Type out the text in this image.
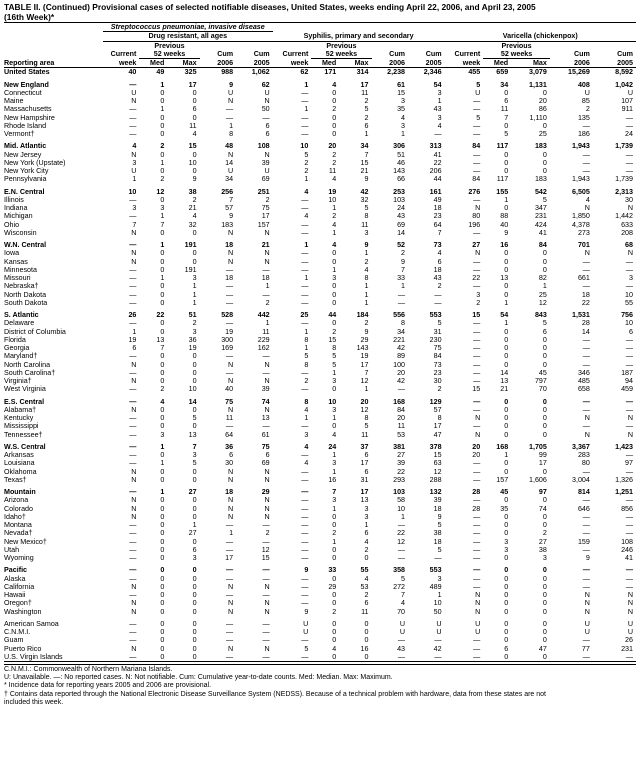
TABLE II. (Continued) Provisional cases of selected notifiable diseases, United States, weeks ending April 22, 2006, and April 23, 2005
(16th Week)*
	Streptococcus pneumoniae, invasive disease														
	Drug resistant, all ages					Syphilis, primary and secondary					Varicella (chickenpox)				
		Previous					Previous					Previous			
	Current	52 weeks		Cum	Cum	Current	52 weeks		Cum	Cum	Current	52 weeks		Cum	Cum
Reporting area	week	Med	Max	2006	2005	week	Med	Max	2006	2005	week	Med	Max	2006	2005
United States	40	49	325	988	1,062	62	171	314	2,238	2,346	455	659	3,079	15,269	8,592

New England	—	1	17	9	62	1	4	17	61	54	5	34	1,131	408	1,042
Connecticut	U	0	0	U	U	—	0	11	15	3	U	0	0	U	U
Maine	N	0	0	N	N	—	0	2	3	1	—	6	20	85	107
Massachusetts	—	1	6	—	50	1	2	5	35	43	—	11	86	2	911
New Hampshire	—	0	0	—	—	—	0	2	4	3	5	7	1,110	135	—
Rhode Island	—	0	11	1	6	—	0	6	3	4	—	0	0	—	—
Vermont†	—	0	4	8	6	—	0	1	1	—	—	5	25	186	24

Mid. Atlantic	4	2	15	48	108	10	20	34	306	313	84	117	183	1,943	1,739
New Jersey	N	0	0	N	N	5	2	7	51	41	—	0	0	—	—
New York (Upstate)	3	1	10	14	39	2	2	15	46	22	—	0	0	—	—
New York City	U	0	0	U	U	2	11	21	143	206	—	0	0	—	—
Pennsylvania	1	2	9	34	69	1	4	9	66	44	84	117	183	1,943	1,739

E.N. Central	10	12	38	256	251	4	19	42	253	161	276	155	542	6,505	2,313
Illinois	—	0	2	7	2	—	10	32	103	49	—	1	5	4	30
Indiana	3	3	21	57	75	—	1	5	24	18	N	0	347	N	N
Michigan	—	1	4	9	17	4	2	8	43	23	80	88	231	1,850	1,442
Ohio	7	7	32	183	157	—	4	11	69	64	196	40	424	4,378	633
Wisconsin	N	0	0	N	N	—	1	3	14	7	—	9	41	273	208

W.N. Central	—	1	191	18	21	1	4	9	52	73	27	16	84	701	68
Iowa	N	0	0	N	N	—	0	1	2	4	N	0	0	N	N
Kansas	N	0	0	N	N	—	0	2	9	6	—	0	0	—	—
Minnesota	—	0	191	—	—	—	1	4	7	18	—	0	0	—	—
Missouri	—	1	3	18	18	1	3	8	33	43	22	13	82	661	3
Nebraska†	—	0	1	—	1	—	0	1	1	2	—	0	1	—	—
North Dakota	—	0	1	—	—	—	0	1	—	—	3	0	25	18	10
South Dakota	—	0	1	—	2	—	0	1	—	—	2	1	12	22	55

S. Atlantic	26	22	51	528	442	25	44	184	556	553	15	54	843	1,531	756
Delaware	—	0	2	—	1	—	0	2	8	5	—	1	5	28	10
District of Columbia	1	0	3	19	11	1	2	9	34	31	—	0	6	14	6
Florida	19	13	36	300	229	8	15	29	221	230	—	0	0	—	—
Georgia	6	7	19	169	162	1	8	143	42	75	—	0	0	—	—
Maryland†	—	0	0	—	—	5	5	19	89	84	—	0	0	—	—
North Carolina	N	0	0	N	N	8	5	17	100	73	—	0	0	—	—
South Carolina†	—	0	0	—	—	—	1	7	20	23	—	14	45	346	187
Virginia†	N	0	0	N	N	2	3	12	42	30	—	13	797	485	94
West Virginia	—	2	10	40	39	—	0	1	—	2	15	21	70	658	459

E.S. Central	—	4	14	75	74	8	10	20	168	129	—	0	0	—	—
Alabama†	N	0	0	N	N	4	3	12	84	57	—	0	0	—	—
Kentucky	—	0	5	11	13	1	1	8	20	8	N	0	0	N	N
Mississippi	—	0	0	—	—	—	0	5	11	17	—	0	0	—	—
Tennessee†	—	3	13	64	61	3	4	11	53	47	N	0	0	N	N

W.S. Central	—	1	7	36	75	4	24	37	381	378	20	168	1,705	3,367	1,423
Arkansas	—	0	3	6	6	—	1	6	27	15	20	1	99	283	—
Louisiana	—	1	5	30	69	4	3	17	39	63	—	0	17	80	97
Oklahoma	N	0	0	N	N	—	1	6	22	12	—	0	0	—	—
Texas†	N	0	0	N	N	—	16	31	293	288	—	157	1,606	3,004	1,326

Mountain	—	1	27	18	29	—	7	17	103	132	28	45	97	814	1,251
Arizona	N	0	0	N	N	—	3	13	58	39	—	0	0	—	—
Colorado	N	0	0	N	N	—	1	3	10	18	28	35	74	646	856
Idaho†	N	0	0	N	N	—	0	3	1	9	—	0	0	—	—
Montana	—	0	1	—	—	—	0	1	—	5	—	0	0	—	—
Nevada†	—	0	27	1	2	—	2	6	22	38	—	0	2	—	—
New Mexico†	—	0	0	—	—	—	1	4	12	18	—	3	27	159	108
Utah	—	0	6	—	12	—	0	2	—	5	—	3	38	—	246
Wyoming	—	0	3	17	15	—	0	0	—	—	—	0	3	9	41

Pacific	—	0	0	—	—	9	33	55	358	553	—	0	0	—	—
Alaska	—	0	0	—	—	—	0	4	5	3	—	0	0	—	—
California	N	0	0	N	N	—	29	53	272	489	—	0	0	—	—
Hawaii	—	0	0	—	—	—	0	2	7	1	N	0	0	N	N
Oregon†	N	0	0	N	N	—	0	6	4	10	N	0	0	N	N
Washington	N	0	0	N	N	9	2	11	70	50	N	0	0	N	N

American Samoa	—	0	0	—	—	U	0	0	U	U	U	0	0	U	U
C.N.M.I.	—	0	0	—	—	U	0	0	U	U	U	0	0	U	U
Guam	—	0	0	—	—	—	0	0	—	—	—	0	0	—	26
Puerto Rico	N	0	0	N	N	5	4	16	43	42	—	6	47	77	231
U.S. Virgin Islands	—	0	0	—	—	—	0	0	—	—	—	0	0	—	—
C.N.M.I.: Commonwealth of Northern Mariana Islands.
U: Unavailable. —: No reported cases. N: Not notifiable. Cum: Cumulative year-to-date counts. Med: Median. Max: Maximum.
* Incidence data for reporting years 2005 and 2006 are provisional.
† Contains data reported through the National Electronic Disease Surveillance System (NEDSS). Because of a technical problem with hardware, data from these states are not
included this week.
